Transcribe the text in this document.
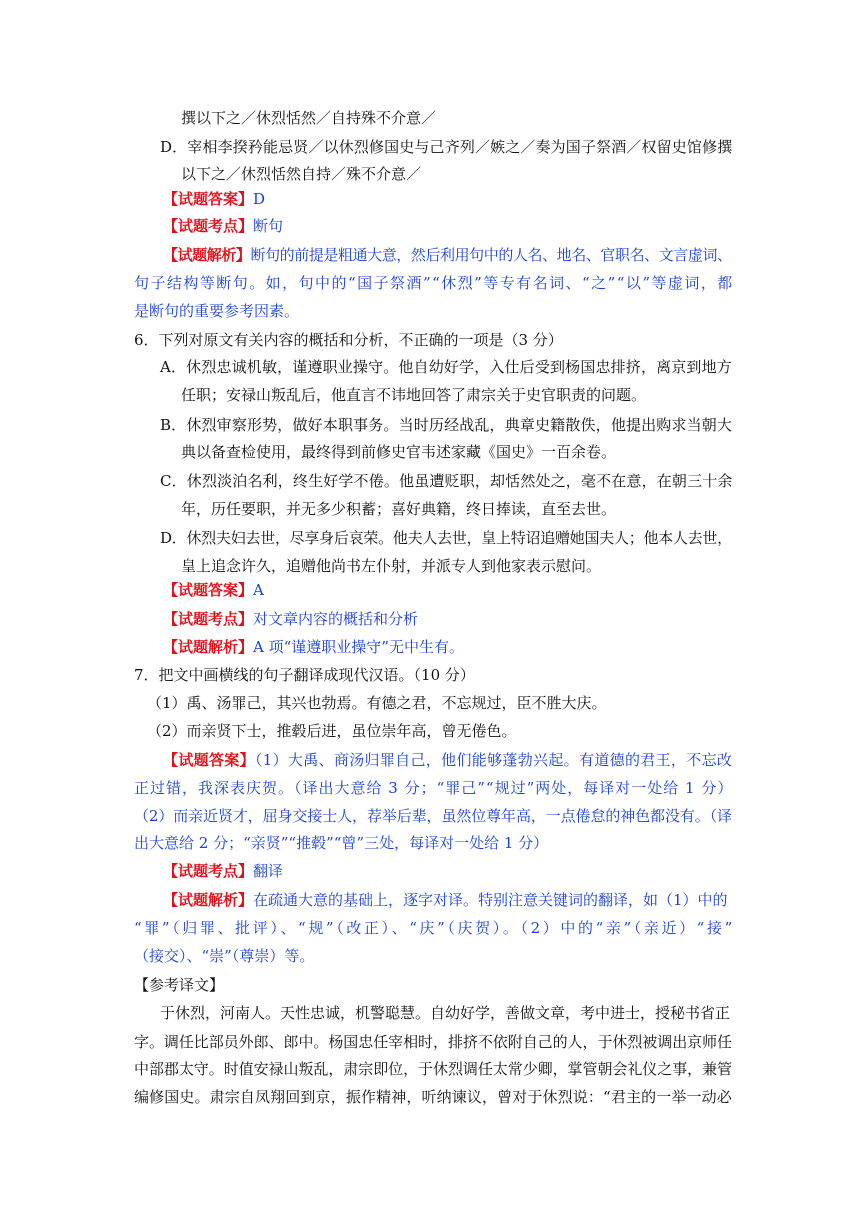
撰以下之／休烈恬然／自持殊不介意／
D．宰相李揆矜能忌贤／以休烈修国史与己齐列／嫉之／奏为国子祭酒／权留史馆修撰
以下之／休烈恬然自持／殊不介意／
【试题答案】D
【试题考点】断句
【试题解析】断句的前提是粗通大意，然后利用句中的人名、地名、官职名、文言虚词、
句子结构等断句。如，句中的“国子祭酒”“休烈”等专有名词、“之”“以”等虚词，都
是断句的重要参考因素。
6．下列对原文有关内容的概括和分析，不正确的一项是（3 分）
A．休烈忠诚机敏，谨遵职业操守。他自幼好学，入仕后受到杨国忠排挤，离京到地方
任职；安禄山叛乱后，他直言不讳地回答了肃宗关于史官职责的问题。
B．休烈审察形势，做好本职事务。当时历经战乱，典章史籍散佚，他提出购求当朝大
典以备查检使用，最终得到前修史官韦述家藏《国史》一百余卷。
C．休烈淡泊名利，终生好学不倦。他虽遭贬职，却恬然处之，毫不在意，在朝三十余
年，历任要职，并无多少积蓄；喜好典籍，终日捧读，直至去世。
D．休烈夫妇去世，尽享身后哀荣。他夫人去世，皇上特诏追赠她国夫人；他本人去世，
皇上追念许久，追赠他尚书左仆射，并派专人到他家表示慰问。
【试题答案】A
【试题考点】对文章内容的概括和分析
【试题解析】A 项“谨遵职业操守”无中生有。
7．把文中画横线的句子翻译成现代汉语。（10 分）
（1）禹、汤罪己，其兴也勃焉。有德之君，不忘规过，臣不胜大庆。
（2）而亲贤下士，推毂后进，虽位崇年高，曾无倦色。
【试题答案】（1）大禹、商汤归罪自己，他们能够蓬勃兴起。有道德的君王，不忘改
正过错，我深表庆贺。（译出大意给 3 分；“罪己”“规过”两处，每译对一处给 1 分）
（2）而亲近贤才，屈身交接士人，荐举后辈，虽然位尊年高，一点倦怠的神色都没有。（译
出大意给 2 分；“亲贤”“推毂”“曾”三处，每译对一处给 1 分）
【试题考点】翻译
【试题解析】在疏通大意的基础上，逐字对译。特别注意关键词的翻译，如（1）中的
“罪”（归罪、批评）、“规”（改正）、“庆”（庆贺）。（2）中的“亲”（亲近）“接”
（接交）、“崇”（尊崇）等。
【参考译文】
于休烈，河南人。天性忠诚，机警聪慧。自幼好学，善做文章，考中进士，授秘书省正
字。调任比部员外郎、郎中。杨国忠任宰相时，排挤不依附自己的人，于休烈被调出京师任
中部郡太守。时值安禄山叛乱，肃宗即位，于休烈调任太常少卿，掌管朝会礼仪之事，兼管
编修国史。肃宗自凤翔回到京，振作精神，听纳谏议，曾对于休烈说：“君主的一举一动必
